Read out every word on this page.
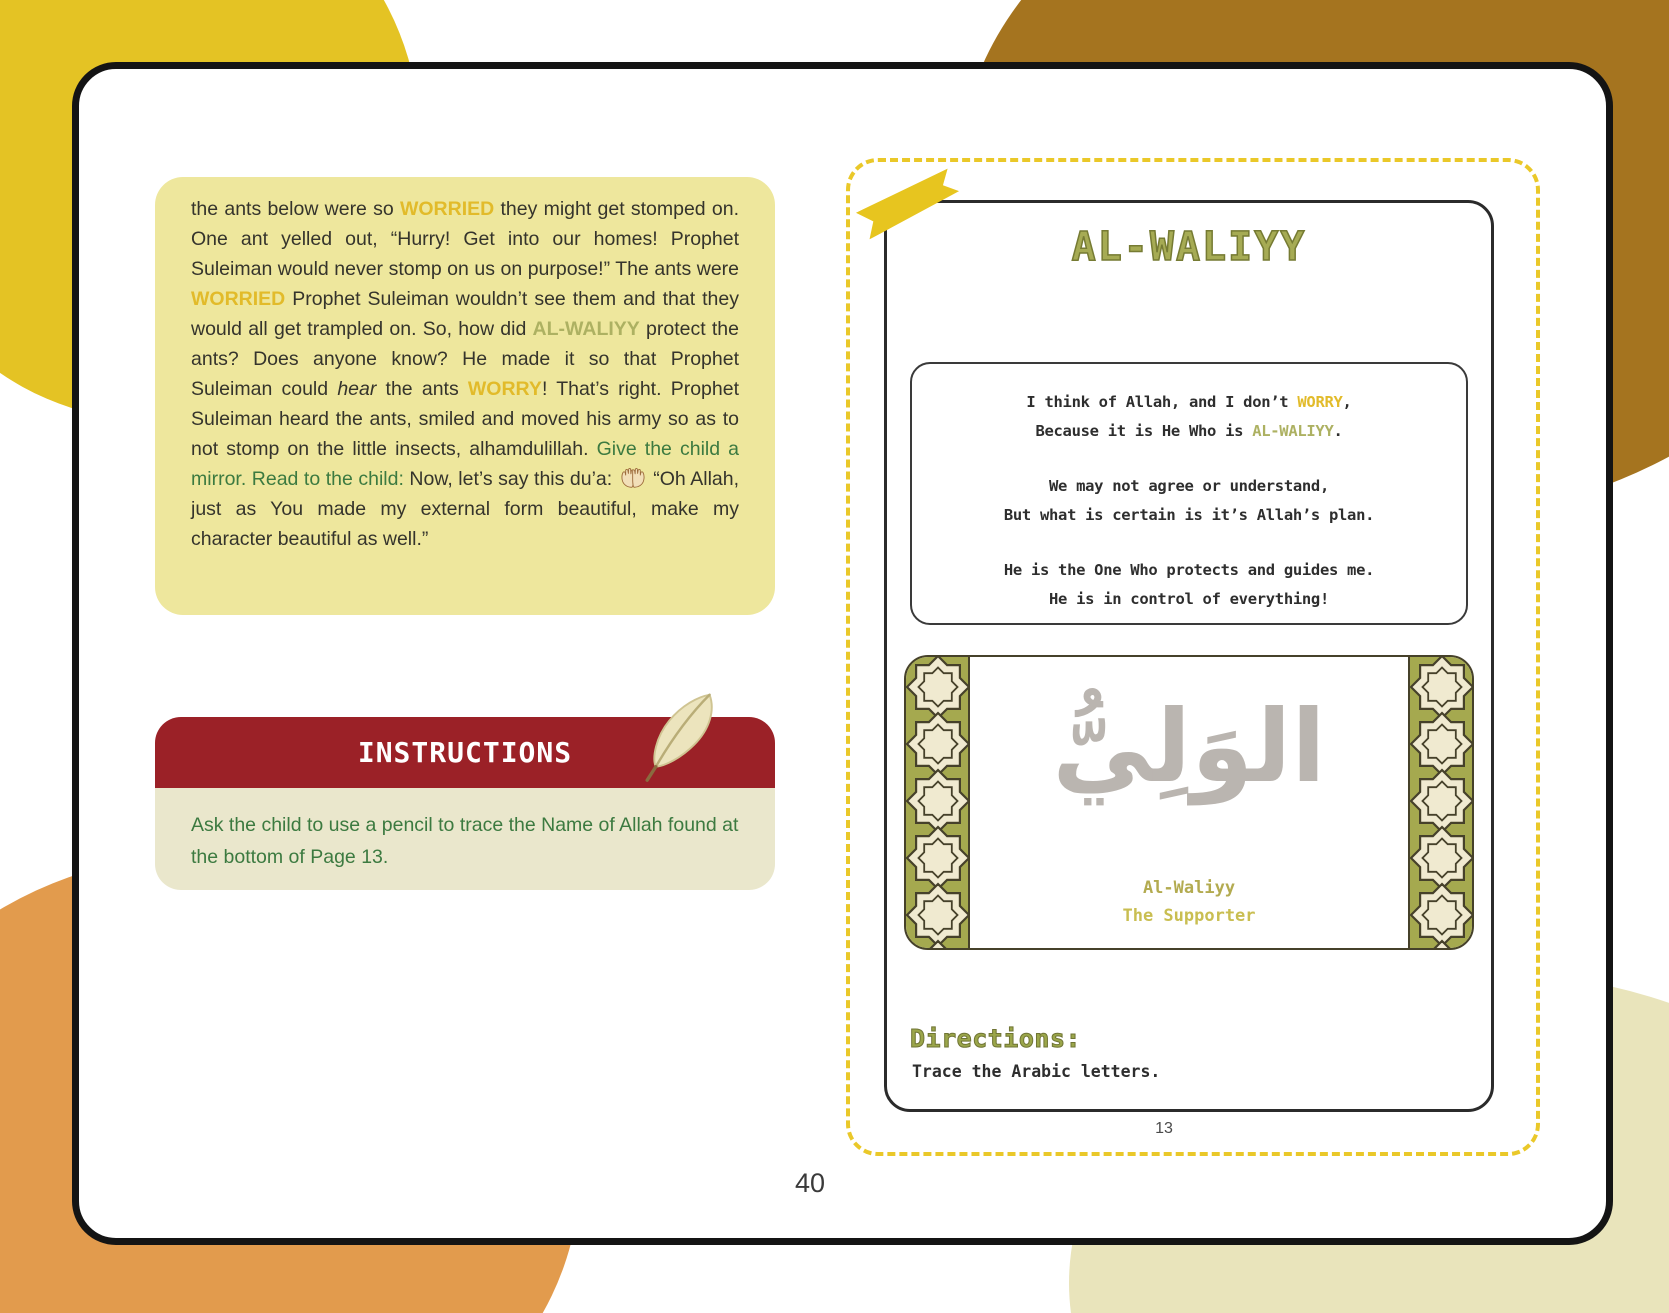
the ants below were so WORRIED they might get stomped on. One ant yelled out, “Hurry! Get into our homes! Prophet Suleiman would never stomp on us on purpose!” The ants were WORRIED Prophet Suleiman wouldn’t see them and that they would all get trampled on. So, how did AL-WALIYY protect the ants? Does anyone know? He made it so that Prophet Suleiman could hear the ants WORRY! That’s right. Prophet Suleiman heard the ants, smiled and moved his army so as to not stomp on the little insects, alhamdulillah. Give the child a mirror. Read to the child: Now, let’s say this du’a:  “Oh Allah, just as You made my external form beautiful, make my character beautiful as well.”

INSTRUCTIONS

Ask the child to use a pencil to trace the Name of Allah found at the bottom of Page 13.

40
AL-WALIYY
I think of Allah, and I don’t WORRY,
Because it is He Who is AL-WALIYY.
We may not agree or understand,
But what is certain is it’s Allah’s plan.
He is the One Who protects and guides me.
He is in control of everything!
الوَلِيُّ
Al-Waliyy
The Supporter
Directions:
Trace the Arabic letters.
13
